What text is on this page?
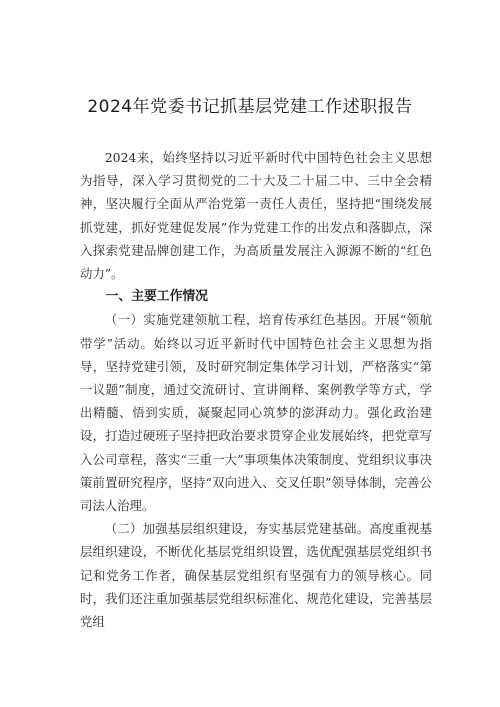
2024年党委书记抓基层党建工作述职报告

2024来，始终坚持以习近平新时代中国特色社会主义思想为指导，深入学习贯彻党的二十大及二十届二中、三中全会精神，坚决履行全面从严治党第一责任人责任，坚持把“围绕发展抓党建，抓好党建促发展”作为党建工作的出发点和落脚点，深入探索党建品牌创建工作，为高质量发展注入源源不断的“红色动力”。

一、主要工作情况

（一）实施党建领航工程，培育传承红色基因。开展“领航带学”活动。始终以习近平新时代中国特色社会主义思想为指导，坚持党建引领，及时研究制定集体学习计划，严格落实“第一议题”制度，通过交流研讨、宣讲阐释、案例教学等方式，学出精髓、悟到实质，凝聚起同心筑梦的澎湃动力。强化政治建设，打造过硬班子坚持把政治要求贯穿企业发展始终，把党章写入公司章程，落实“三重一大”事项集体决策制度、党组织议事决策前置研究程序，坚持“双向进入、交叉任职”领导体制，完善公司法人治理。

（二）加强基层组织建设，夯实基层党建基础。高度重视基层组织建设，不断优化基层党组织设置，选优配强基层党组织书记和党务工作者，确保基层党组织有坚强有力的领导核心。同时，我们还注重加强基层党组织标准化、规范化建设，完善基层党组
